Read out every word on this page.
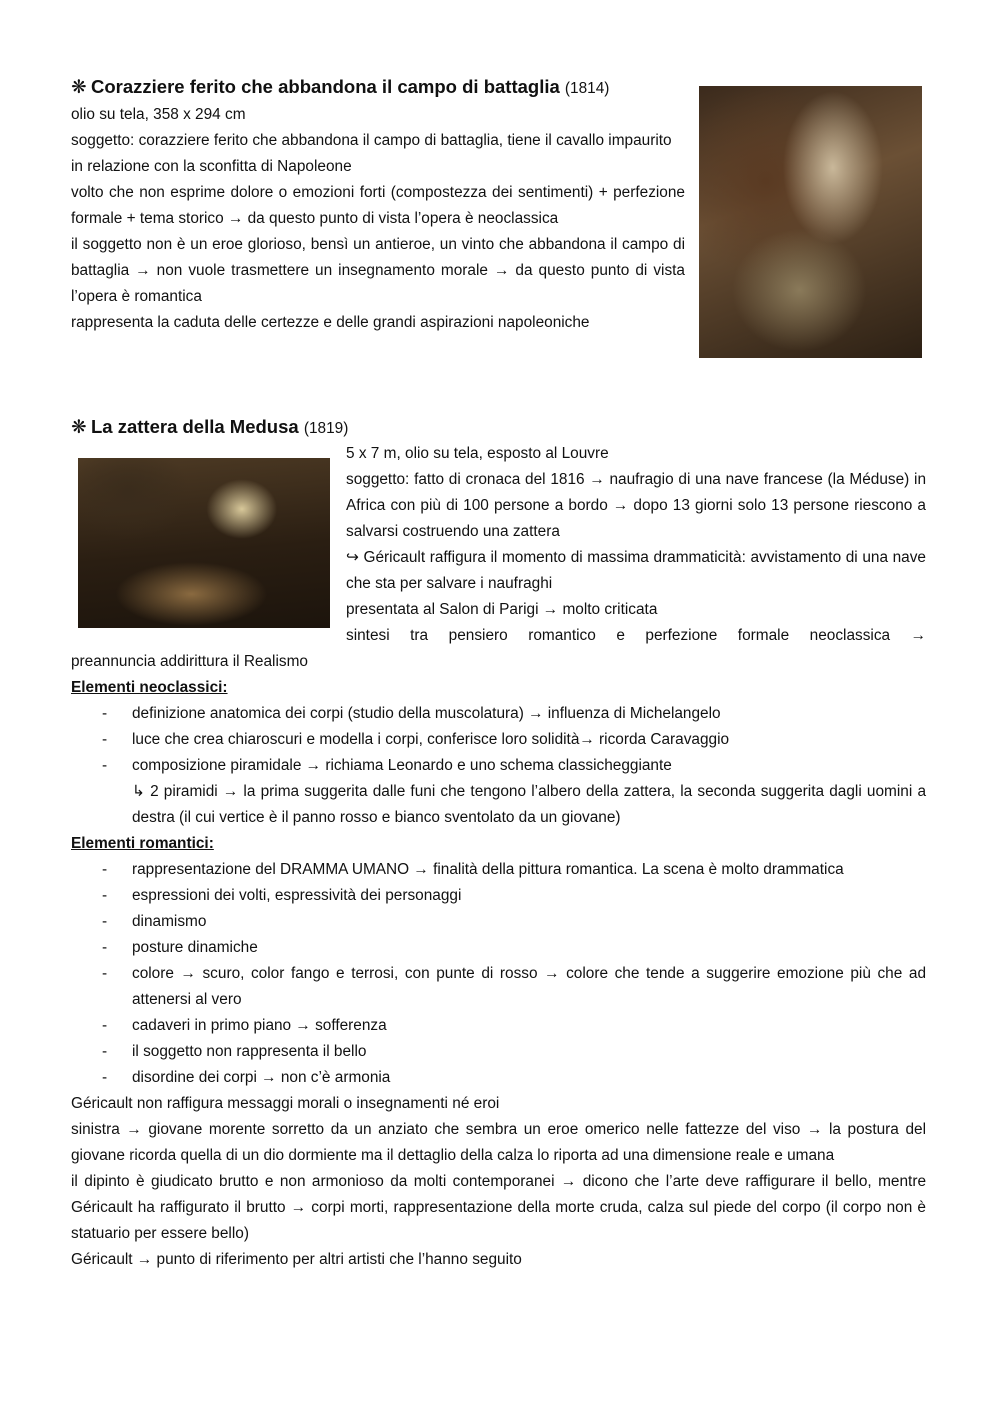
❋ Corazziere ferito che abbandona il campo di battaglia (1814)
olio su tela, 358 x 294 cm
soggetto: corazziere ferito che abbandona il campo di battaglia, tiene il cavallo impaurito
in relazione con la sconfitta di Napoleone
volto che non esprime dolore o emozioni forti (compostezza dei sentimenti) + perfezione formale + tema storico → da questo punto di vista l’opera è neoclassica
il soggetto non è un eroe glorioso, bensì un antieroe, un vinto che abbandona il campo di battaglia → non vuole trasmettere un insegnamento morale → da questo punto di vista l’opera è romantica
rappresenta la caduta delle certezze e delle grandi aspirazioni napoleoniche
❋ La zattera della Medusa (1819)
5 x 7 m, olio su tela, esposto al Louvre
soggetto: fatto di cronaca del 1816 → naufragio di una nave francese (la Méduse) in Africa con più di 100 persone a bordo → dopo 13 giorni solo 13 persone riescono a salvarsi costruendo una zattera
↪ Géricault raffigura il momento di massima drammaticità: avvistamento di una nave che sta per salvare i naufraghi
presentata al Salon di Parigi → molto criticata
sintesi tra pensiero romantico e perfezione formale neoclassica →
preannuncia addirittura il Realismo
Elementi neoclassici:
- definizione anatomica dei corpi (studio della muscolatura) → influenza di Michelangelo
- luce che crea chiaroscuri e modella i corpi, conferisce loro solidità→ ricorda Caravaggio
- composizione piramidale → richiama Leonardo e uno schema classicheggiante
↳ 2 piramidi → la prima suggerita dalle funi che tengono l’albero della zattera, la seconda suggerita dagli uomini a destra (il cui vertice è il panno rosso e bianco sventolato da un giovane)
Elementi romantici:
- rappresentazione del DRAMMA UMANO → finalità della pittura romantica. La scena è molto drammatica
- espressioni dei volti, espressività dei personaggi
- dinamismo
- posture dinamiche
- colore → scuro, color fango e terrosi, con punte di rosso → colore che tende a suggerire emozione più che ad attenersi al vero
- cadaveri in primo piano → sofferenza
- il soggetto non rappresenta il bello
- disordine dei corpi → non c’è armonia
Géricault non raffigura messaggi morali o insegnamenti né eroi
sinistra → giovane morente sorretto da un anziato che sembra un eroe omerico nelle fattezze del viso → la postura del giovane ricorda quella di un dio dormiente ma il dettaglio della calza lo riporta ad una dimensione reale e umana
il dipinto è giudicato brutto e non armonioso da molti contemporanei → dicono che l’arte deve raffigurare il bello, mentre Géricault ha raffigurato il brutto → corpi morti, rappresentazione della morte cruda, calza sul piede del corpo (il corpo non è statuario per essere bello)
Géricault → punto di riferimento per altri artisti che l’hanno seguito
